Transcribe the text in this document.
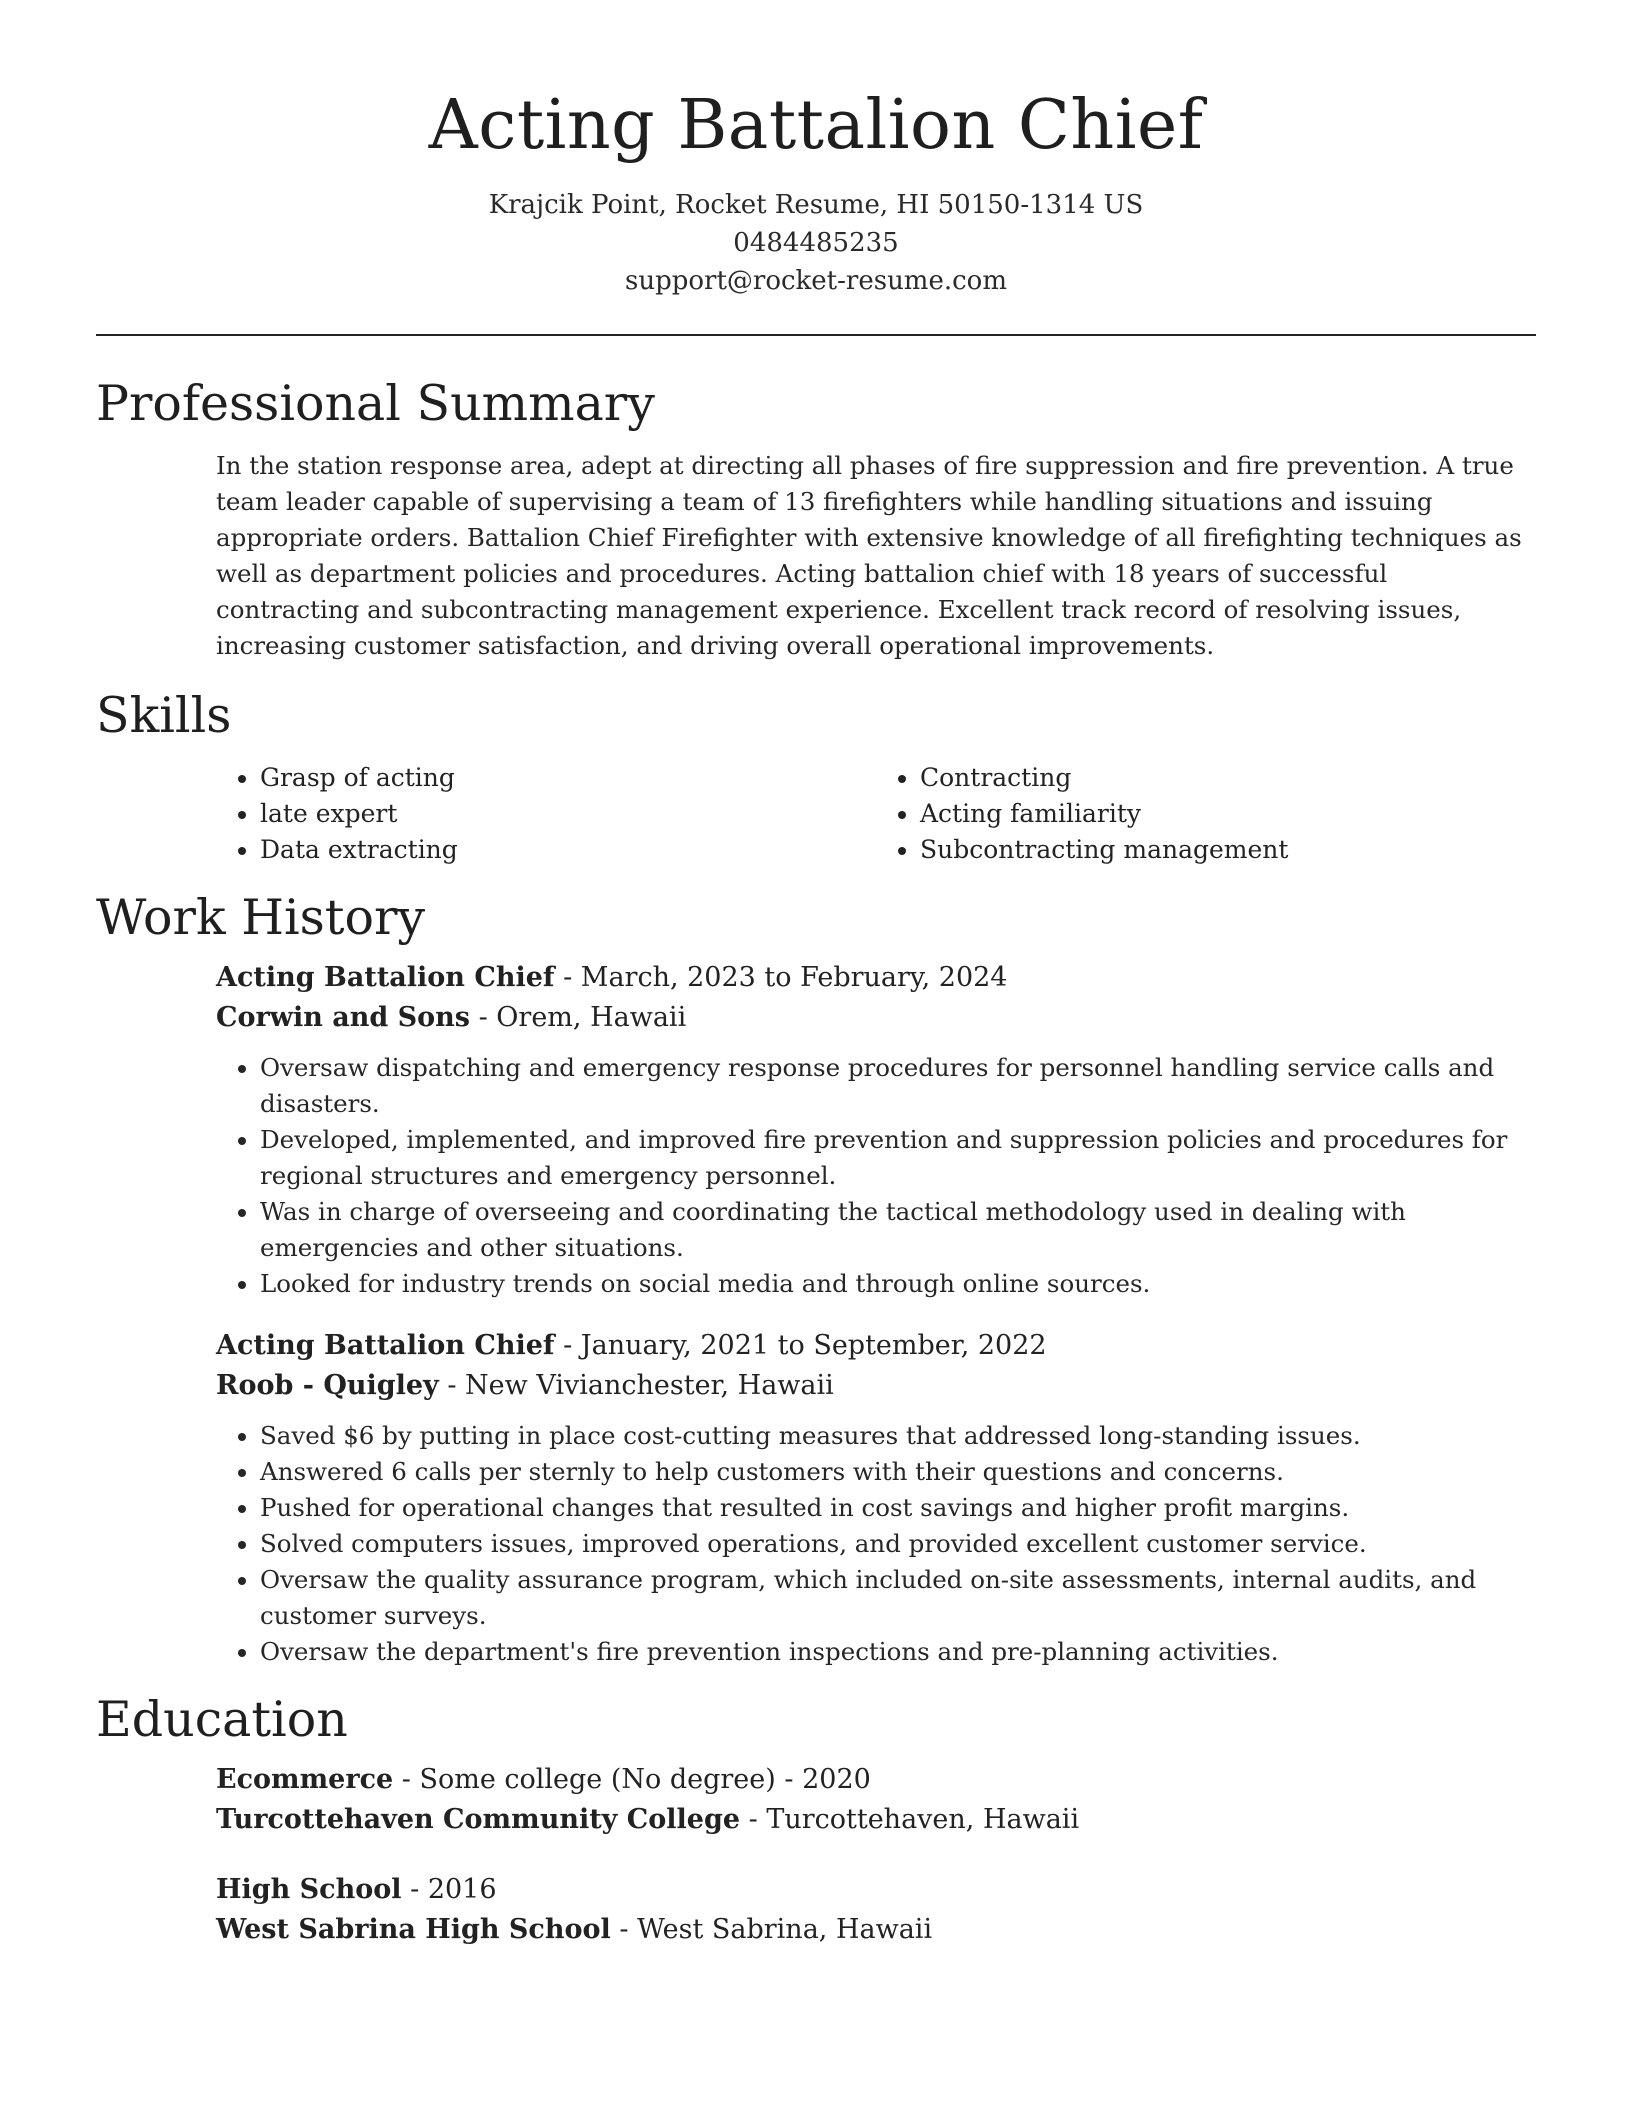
Acting Battalion Chief
Krajcik Point, Rocket Resume, HI 50150-1314 US
0484485235
support@rocket-resume.com
Professional Summary

In the station response area, adept at directing all phases of fire suppression and fire prevention. A true team leader capable of supervising a team of 13 firefighters while handling situations and issuing appropriate orders. Battalion Chief Firefighter with extensive knowledge of all firefighting techniques as well as department policies and procedures. Acting battalion chief with 18 years of successful contracting and subcontracting management experience. Excellent track record of resolving issues, increasing customer satisfaction, and driving overall operational improvements.

Skills
• Grasp of acting
• late expert
• Data extracting
• Contracting
• Acting familiarity
• Subcontracting management
Work History
Acting Battalion Chief - March, 2023 to February, 2024
Corwin and Sons - Orem, Hawaii
• Oversaw dispatching and emergency response procedures for personnel handling service calls and disasters.
• Developed, implemented, and improved fire prevention and suppression policies and procedures for regional structures and emergency personnel.
• Was in charge of overseeing and coordinating the tactical methodology used in dealing with emergencies and other situations.
• Looked for industry trends on social media and through online sources.
Acting Battalion Chief - January, 2021 to September, 2022
Roob - Quigley - New Vivianchester, Hawaii
• Saved $6 by putting in place cost-cutting measures that addressed long-standing issues.
• Answered 6 calls per sternly to help customers with their questions and concerns.
• Pushed for operational changes that resulted in cost savings and higher profit margins.
• Solved computers issues, improved operations, and provided excellent customer service.
• Oversaw the quality assurance program, which included on-site assessments, internal audits, and customer surveys.
• Oversaw the department's fire prevention inspections and pre-planning activities.
Education
Ecommerce - Some college (No degree) - 2020
Turcottehaven Community College - Turcottehaven, Hawaii
High School - 2016
West Sabrina High School - West Sabrina, Hawaii
